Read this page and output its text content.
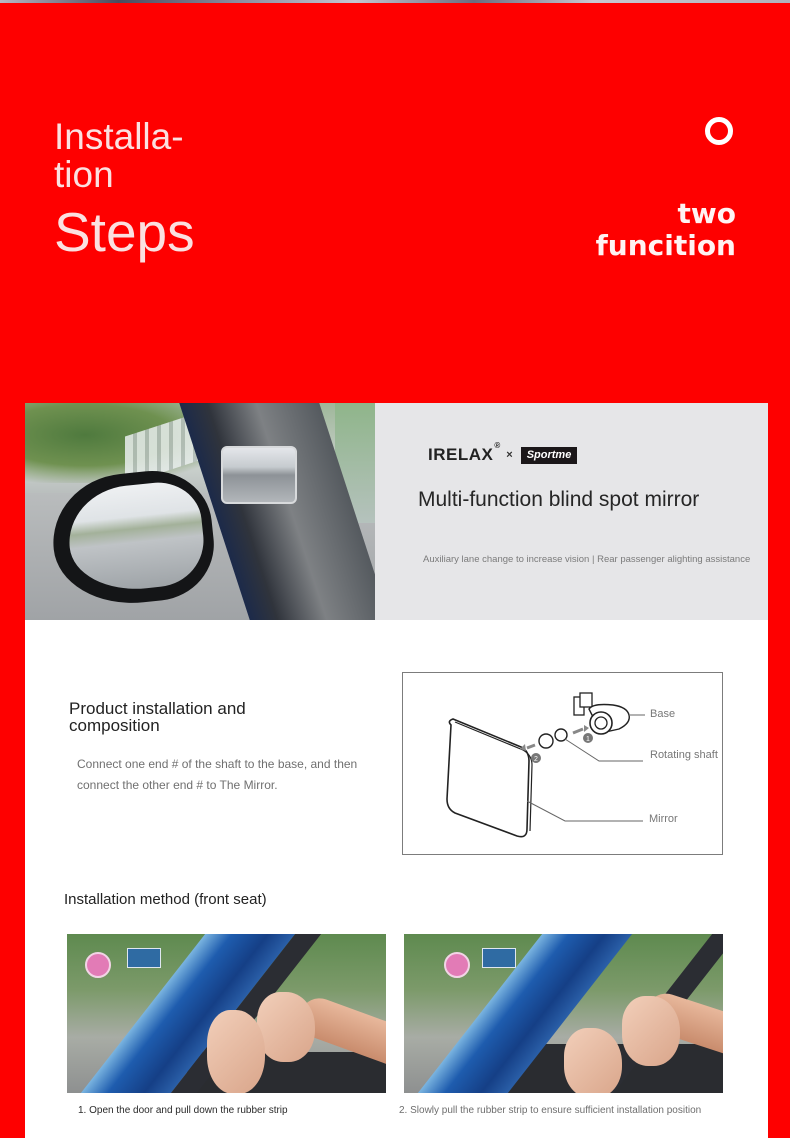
Installa-
tion
Steps	two
funcition
IRELAX ®
×	Sportme
Multi-function blind spot mirror
Auxiliary lane change to increase vision | Rear passenger alighting assistance
Product installation and composition
Connect one end # of the shaft to the base, and then connect the other end # to The Mirror.
1
2
Base
Rotating shaft
Mirror
Installation method (front seat)
1. Open the door and pull down the rubber strip	2. Slowly pull the rubber strip to ensure sufficient installation position
